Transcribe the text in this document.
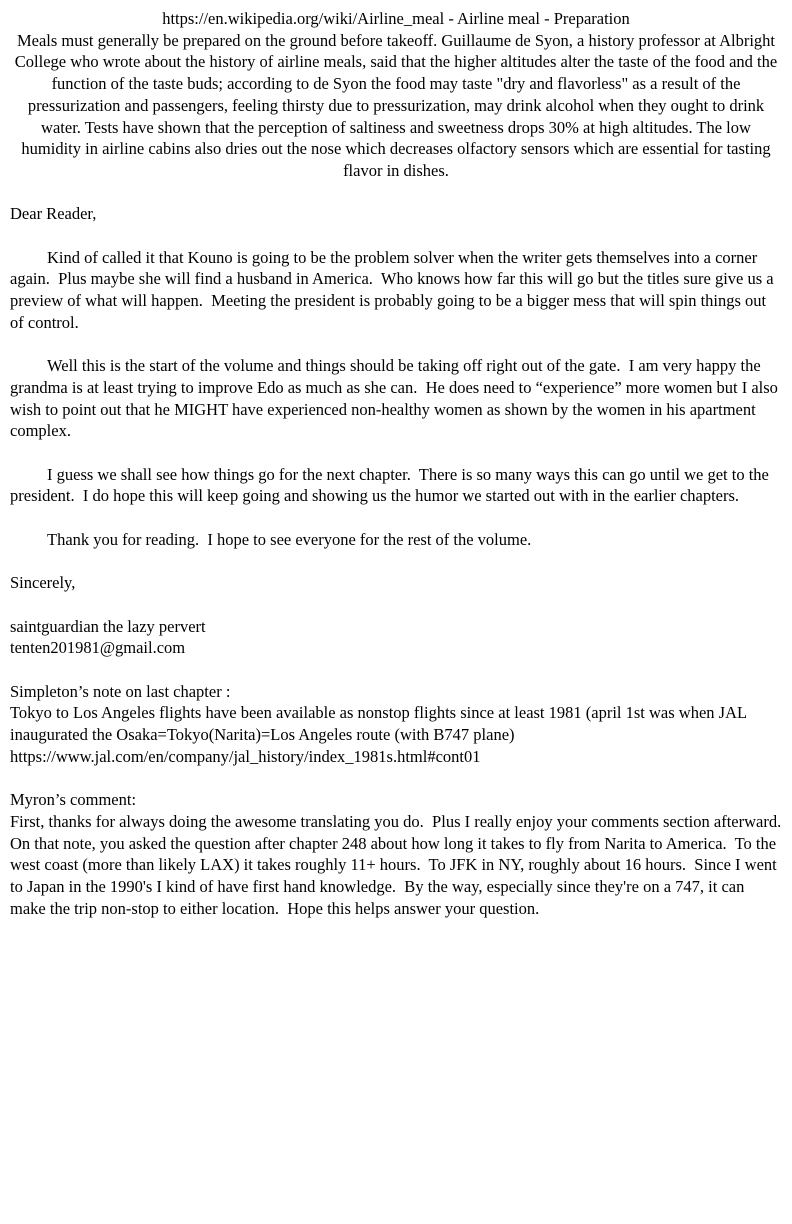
https://en.wikipedia.org/wiki/Airline_meal - Airline meal - Preparation
Meals must generally be prepared on the ground before takeoff. Guillaume de Syon, a history professor at Albright College who wrote about the history of airline meals, said that the higher altitudes alter the taste of the food and the function of the taste buds; according to de Syon the food may taste "dry and flavorless" as a result of the pressurization and passengers, feeling thirsty due to pressurization, may drink alcohol when they ought to drink water. Tests have shown that the perception of saltiness and sweetness drops 30% at high altitudes. The low humidity in airline cabins also dries out the nose which decreases olfactory sensors which are essential for tasting flavor in dishes.
Dear Reader,
Kind of called it that Kouno is going to be the problem solver when the writer gets themselves into a corner again.  Plus maybe she will find a husband in America.  Who knows how far this will go but the titles sure give us a preview of what will happen.  Meeting the president is probably going to be a bigger mess that will spin things out of control.
Well this is the start of the volume and things should be taking off right out of the gate.  I am very happy the grandma is at least trying to improve Edo as much as she can.  He does need to “experience” more women but I also wish to point out that he MIGHT have experienced non-healthy women as shown by the women in his apartment complex.
I guess we shall see how things go for the next chapter.  There is so many ways this can go until we get to the president.  I do hope this will keep going and showing us the humor we started out with in the earlier chapters.
Thank you for reading.  I hope to see everyone for the rest of the volume.
Sincerely,
saintguardian the lazy pervert
tenten201981@gmail.com
Simpleton’s note on last chapter :
Tokyo to Los Angeles flights have been available as nonstop flights since at least 1981 (april 1st was when JAL inaugurated the Osaka=Tokyo(Narita)=Los Angeles route (with B747 plane)
https://www.jal.com/en/company/jal_history/index_1981s.html#cont01
Myron’s comment:
First, thanks for always doing the awesome translating you do.  Plus I really enjoy your comments section afterward.  On that note, you asked the question after chapter 248 about how long it takes to fly from Narita to America.  To the west coast (more than likely LAX) it takes roughly 11+ hours.  To JFK in NY, roughly about 16 hours.  Since I went to Japan in the 1990's I kind of have first hand knowledge.  By the way, especially since they're on a 747, it can make the trip non-stop to either location.  Hope this helps answer your question.
